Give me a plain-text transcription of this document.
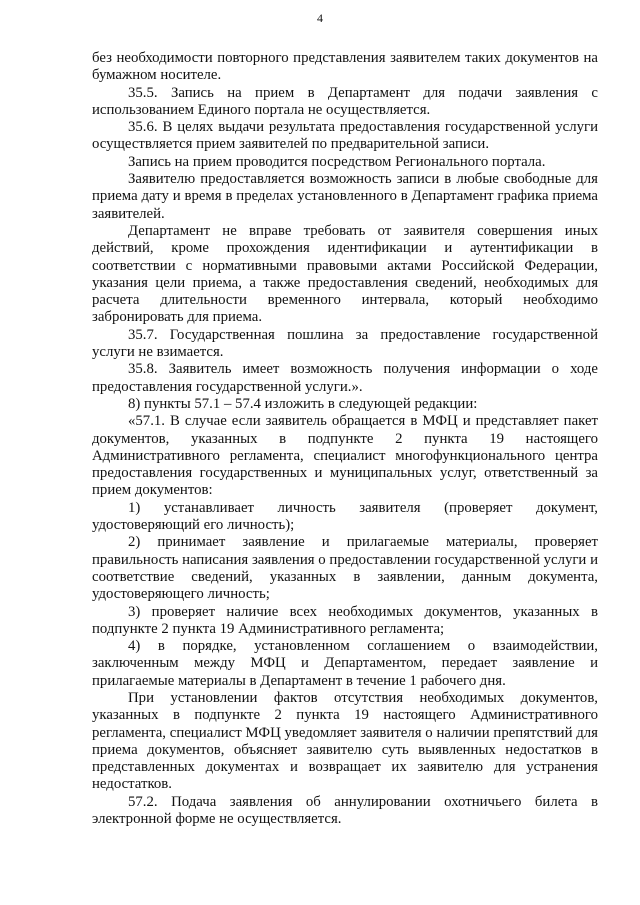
4

без необходимости повторного представления заявителем таких документов на бумажном носителе.

35.5. Запись на прием в Департамент для подачи заявления с использованием Единого портала не осуществляется.

35.6. В целях выдачи результата предоставления государственной услуги осуществляется прием заявителей по предварительной записи.

Запись на прием проводится посредством Регионального портала.

Заявителю предоставляется возможность записи в любые свободные для приема дату и время в пределах установленного в Департамент графика приема заявителей.

Департамент не вправе требовать от заявителя совершения иных действий, кроме прохождения идентификации и аутентификации в соответствии с нормативными правовыми актами Российской Федерации, указания цели приема, а также предоставления сведений, необходимых для расчета длительности временного интервала, который необходимо забронировать для приема.

35.7. Государственная пошлина за предоставление государственной услуги не взимается.

35.8. Заявитель имеет возможность получения информации о ходе предоставления государственной услуги.».

8) пункты 57.1 – 57.4 изложить в следующей редакции:

«57.1. В случае если заявитель обращается в МФЦ и представляет пакет документов, указанных в подпункте 2 пункта 19 настоящего Административного регламента, специалист многофункционального центра предоставления государственных и муниципальных услуг, ответственный за прием документов:

1) устанавливает личность заявителя (проверяет документ, удостоверяющий его личность);

2) принимает заявление и прилагаемые материалы, проверяет правильность написания заявления о предоставлении государственной услуги и соответствие сведений, указанных в заявлении, данным документа, удостоверяющего личность;

3) проверяет наличие всех необходимых документов, указанных в подпункте 2 пункта 19 Административного регламента;

4) в порядке, установленном соглашением о взаимодействии, заключенным между МФЦ и Департаментом, передает заявление и прилагаемые материалы в Департамент в течение 1 рабочего дня.

При установлении фактов отсутствия необходимых документов, указанных в подпункте 2 пункта 19 настоящего Административного регламента, специалист МФЦ уведомляет заявителя о наличии препятствий для приема документов, объясняет заявителю суть выявленных недостатков в представленных документах и возвращает их заявителю для устранения недостатков.

57.2. Подача заявления об аннулировании охотничьего билета в электронной форме не осуществляется.
